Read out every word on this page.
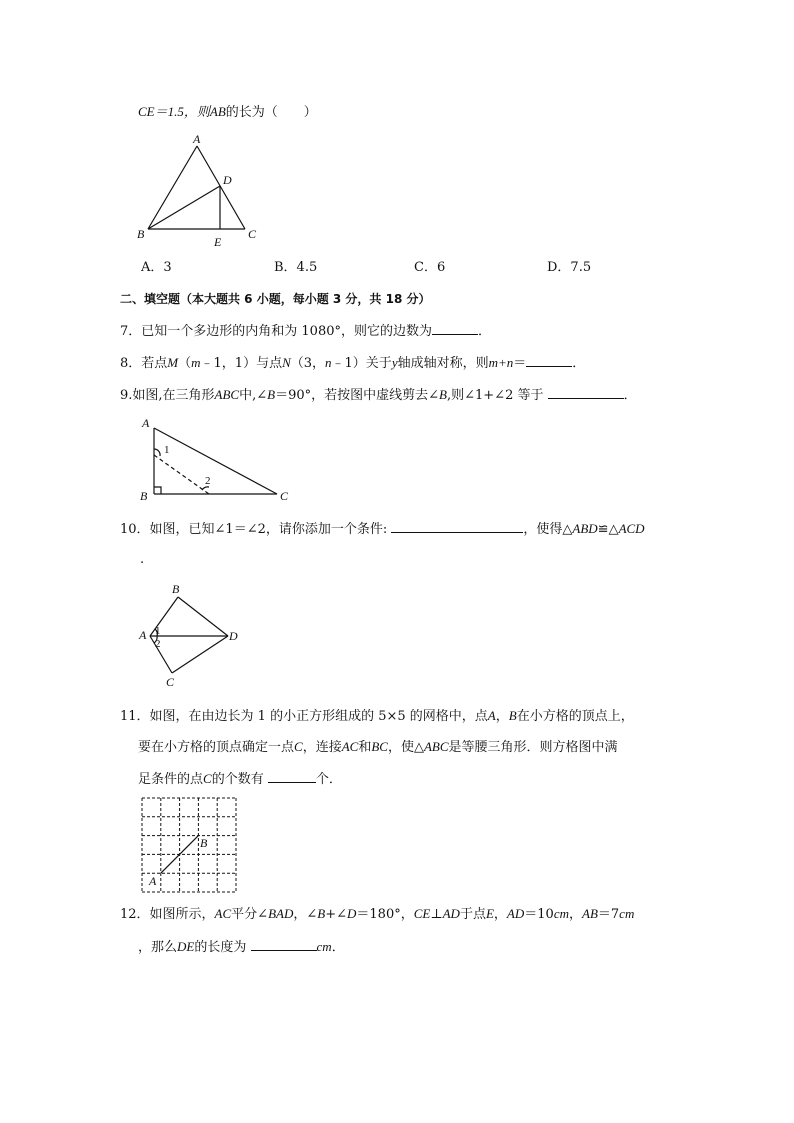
CE＝1.5，则AB的长为（　　）
A
D
B
E
C
A．3	B．4.5	C．6	D．7.5
二、填空题（本大题共 6 小题，每小题 3 分，共 18 分）
7．已知一个多边形的内角和为 1080°，则它的边数为	．
8．若点M（m﹣1，1）与点N（3，n﹣1）关于y轴成轴对称，则m+n＝	．
9.如图,在三角形ABC中,∠B＝90°，若按图中虚线剪去∠B,则∠1+∠2 等于	．
A
1
2
B	C
10．如图，已知∠1＝∠2，请你添加一个条件:	，使得△ABD≌△ACD
.
B
A 1
2
D
C
11．如图，在由边长为 1 的小正方形组成的 5×5 的网格中，点A，B在小方格的顶点上，
要在小方格的顶点确定一点C，连接AC和BC，使△ABC是等腰三角形．则方格图中满
足条件的点C的个数有	个．
B
A
12．如图所示，AC平分∠BAD，∠B+∠D＝180°，CE⊥AD于点E，AD＝10cm，AB＝7cm
，那么DE的长度为	cm．
